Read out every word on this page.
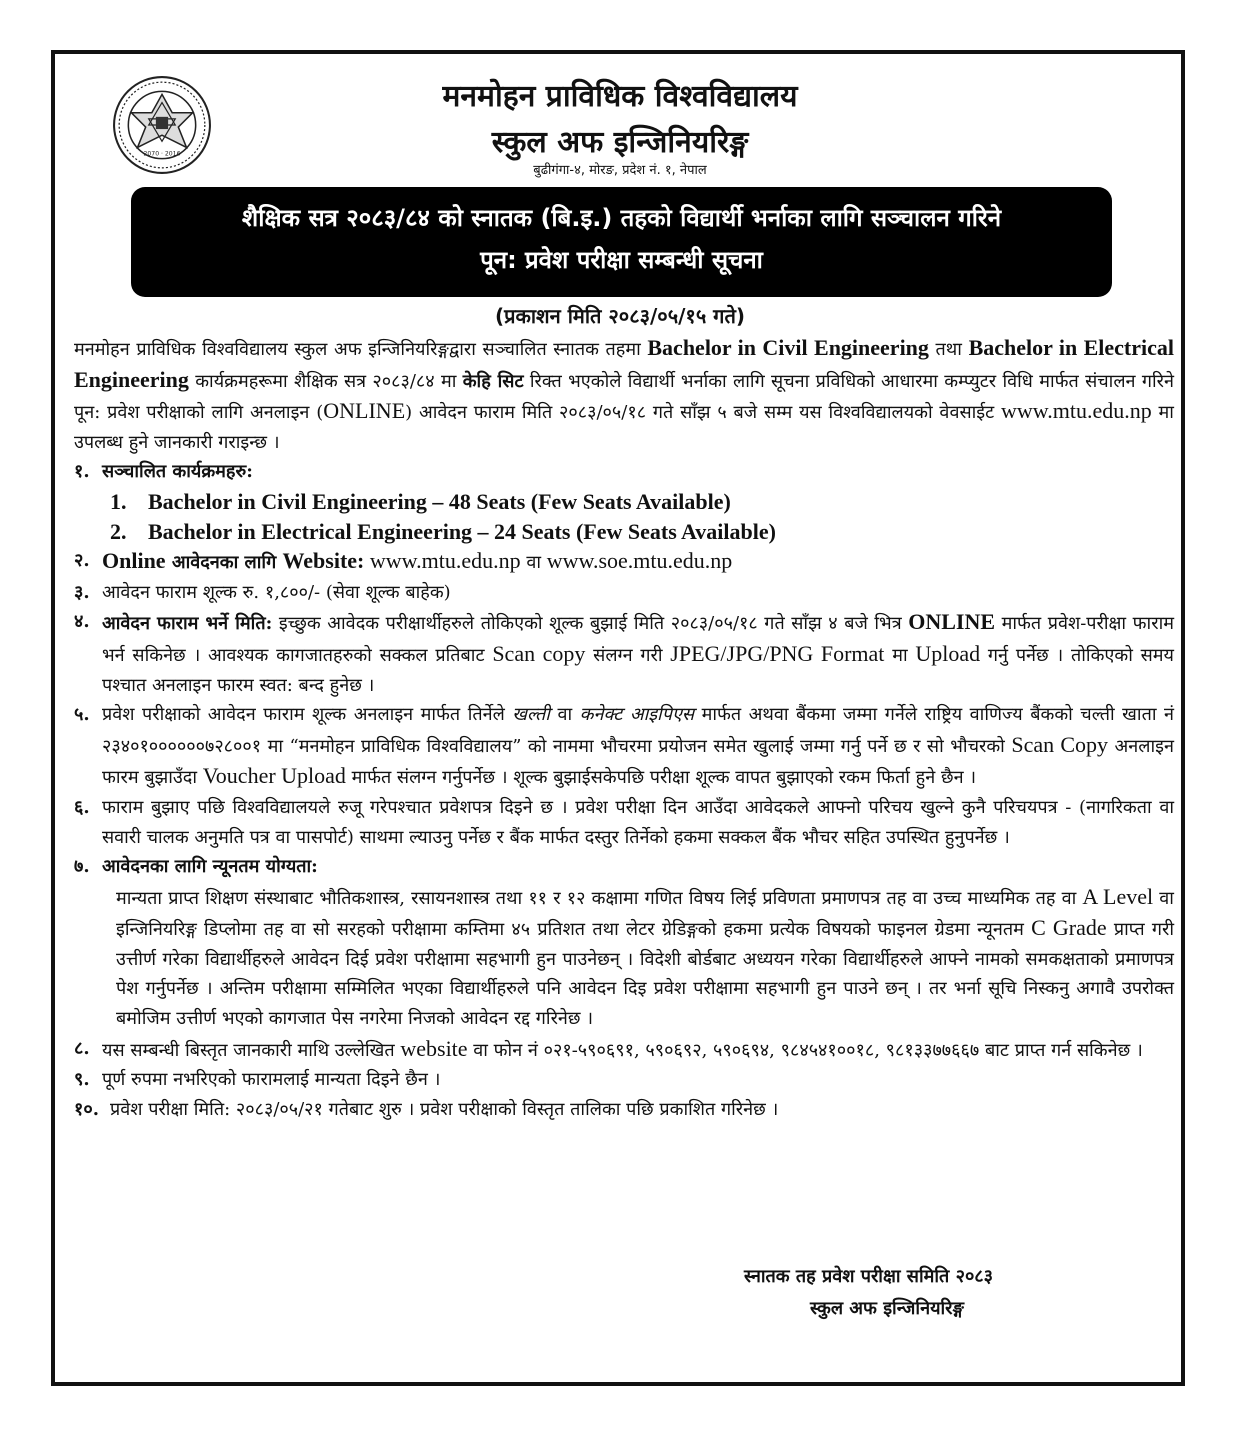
2070 · 2016
मनमोहन प्राविधिक विश्वविद्यालय
स्कुल अफ इन्जिनियरिङ्ग
बुढीगंगा-४, मोरङ, प्रदेश नं. १, नेपाल
शैक्षिक सत्र २०८३/८४ को स्नातक (बि.इ.) तहको विद्यार्थी भर्नाका लागि सञ्चालन गरिने
पून: प्रवेश परीक्षा सम्बन्धी सूचना
(प्रकाशन मिति २०८३/०५/१५ गते)

मनमोहन प्राविधिक विश्वविद्यालय स्कुल अफ इन्जिनियरिङ्गद्वारा सञ्चालित स्नातक तहमा Bachelor in Civil Engineering तथा Bachelor in Electrical Engineering कार्यक्रमहरूमा शैक्षिक सत्र २०८३/८४ मा केहि सिट रिक्त भएकोले विद्यार्थी भर्नाका लागि सूचना प्रविधिको आधारमा कम्प्युटर विधि मार्फत संचालन गरिने पून: प्रवेश परीक्षाको लागि अनलाइन (ONLINE) आवेदन फाराम मिति २०८३/०५/१८ गते साँझ ५ बजे सम्म यस विश्वविद्यालयको वेवसाईट www.mtu.edu.np मा उपलब्ध हुने जानकारी गराइन्छ ।

१. सञ्चालित कार्यक्रमहरु:

1. Bachelor in Civil Engineering – 48 Seats (Few Seats Available)

2. Bachelor in Electrical Engineering – 24 Seats (Few Seats Available)

२. Online आवेदनका लागि Website: www.mtu.edu.np वा www.soe.mtu.edu.np

३. आवेदन फाराम शूल्क रु. १,८००/- (सेवा शूल्क बाहेक)

४. आवेदन फाराम भर्ने मिति: इच्छुक आवेदक परीक्षार्थीहरुले तोकिएको शूल्क बुझाई मिति २०८३/०५/१८ गते साँझ ४ बजे भित्र ONLINE मार्फत प्रवेश-परीक्षा फाराम भर्न सकिनेछ । आवश्यक कागजातहरुको सक्कल प्रतिबाट Scan copy संलग्न गरी JPEG/JPG/PNG Format मा Upload गर्नु पर्नेछ । तोकिएको समय पश्चात अनलाइन फारम स्वत: बन्द हुनेछ ।

५. प्रवेश परीक्षाको आवेदन फाराम शूल्क अनलाइन मार्फत तिर्नेले खल्ती वा कनेक्ट आइपिएस मार्फत अथवा बैंकमा जम्मा गर्नेले राष्ट्रिय वाणिज्य बैंकको चल्ती खाता नं २३४०१००००००७२८००१ मा “मनमोहन प्राविधिक विश्वविद्यालय” को नाममा भौचरमा प्रयोजन समेत खुलाई जम्मा गर्नु पर्ने छ र सो भौचरको Scan Copy अनलाइन फारम बुझाउँदा Voucher Upload मार्फत संलग्न गर्नुपर्नेछ । शूल्क बुझाईसकेपछि परीक्षा शूल्क वापत बुझाएको रकम फिर्ता हुने छैन ।

६. फाराम बुझाए पछि विश्वविद्यालयले रुजू गरेपश्चात प्रवेशपत्र दिइने छ । प्रवेश परीक्षा दिन आउँदा आवेदकले आफ्नो परिचय खुल्ने कुनै परिचयपत्र - (नागरिकता वा सवारी चालक अनुमति पत्र वा पासपोर्ट) साथमा ल्याउनु पर्नेछ र बैंक मार्फत दस्तुर तिर्नेको हकमा सक्कल बैंक भौचर सहित उपस्थित हुनुपर्नेछ ।

७. आवेदनका लागि न्यूनतम योग्यता:

मान्यता प्राप्त शिक्षण संस्थाबाट भौतिकशास्त्र, रसायनशास्त्र तथा ११ र १२ कक्षामा गणित विषय लिई प्रविणता प्रमाणपत्र तह वा उच्च माध्यमिक तह वा A Level वा इन्जिनियरिङ्ग डिप्लोमा तह वा सो सरहको परीक्षामा कम्तिमा ४५ प्रतिशत तथा लेटर ग्रेडिङ्गको हकमा प्रत्येक विषयको फाइनल ग्रेडमा न्यूनतम C Grade प्राप्त गरी उत्तीर्ण गरेका विद्यार्थीहरुले आवेदन दिई प्रवेश परीक्षामा सहभागी हुन पाउनेछन् । विदेशी बोर्डबाट अध्ययन गरेका विद्यार्थीहरुले आफ्ने नामको समकक्षताको प्रमाणपत्र पेश गर्नुपर्नेछ । अन्तिम परीक्षामा सम्मिलित भएका विद्यार्थीहरुले पनि आवेदन दिइ प्रवेश परीक्षामा सहभागी हुन पाउने छन् । तर भर्ना सूचि निस्कनु अगावै उपरोक्त बमोजिम उत्तीर्ण भएको कागजात पेस नगरेमा निजको आवेदन रद्द गरिनेछ ।

८. यस सम्बन्धी बिस्तृत जानकारी माथि उल्लेखित website वा फोन नं ०२१-५९०६९१, ५९०६९२, ५९०६९४, ९८४५४१००१८, ९८१३३७७६६७ बाट प्राप्त गर्न सकिनेछ ।

९. पूर्ण रुपमा नभरिएको फारामलाई मान्यता दिइने छैन ।

१०. प्रवेश परीक्षा मिति: २०८३/०५/२१ गतेबाट शुरु । प्रवेश परीक्षाको विस्तृत तालिका पछि प्रकाशित गरिनेछ ।

स्नातक तह प्रवेश परीक्षा समिति २०८३
स्कुल अफ इन्जिनियरिङ्ग
